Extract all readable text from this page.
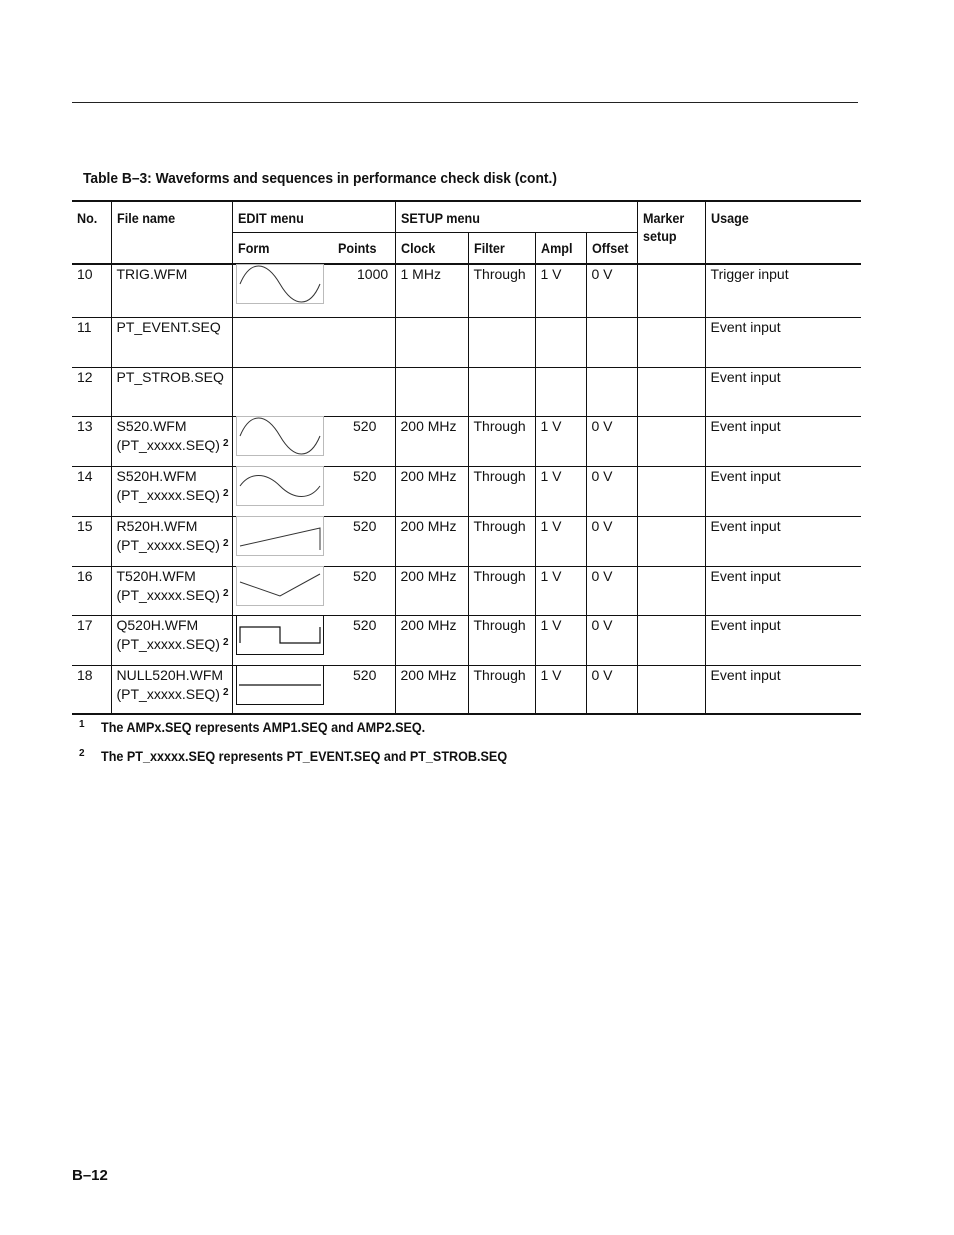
Table B–3: Waveforms and sequences in performance check disk (cont.)
No.	File name	EDIT menu		SETUP menu				Marker setup	Usage
		Form	Points	Clock	Filter	Ampl	Offset		
10	TRIG.WFM		1000	1 MHz	Through	1 V	0 V		Trigger input
11	PT_EVENT.SEQ								Event input
12	PT_STROB.SEQ								Event input
13	S520.WFM
(PT_xxxxx.SEQ) $^2$		520	200 MHz	Through	1 V	0 V		Event input
14	S520H.WFM
(PT_xxxxx.SEQ) $^2$		520	200 MHz	Through	1 V	0 V		Event input
15	R520H.WFM
(PT_xxxxx.SEQ) $^2$		520	200 MHz	Through	1 V	0 V		Event input
16	T520H.WFM
(PT_xxxxx.SEQ) $^2$		520	200 MHz	Through	1 V	0 V		Event input
17	Q520H.WFM
(PT_xxxxx.SEQ) $^2$		520	200 MHz	Through	1 V	0 V		Event input
18	NULL520H.WFM
(PT_xxxxx.SEQ) $^2$		520	200 MHz	Through	1 V	0 V		Event input
1 The AMPx.SEQ represents AMP1.SEQ and AMP2.SEQ.
2 The PT_xxxxx.SEQ represents PT_EVENT.SEQ and PT_STROB.SEQ
B–12
